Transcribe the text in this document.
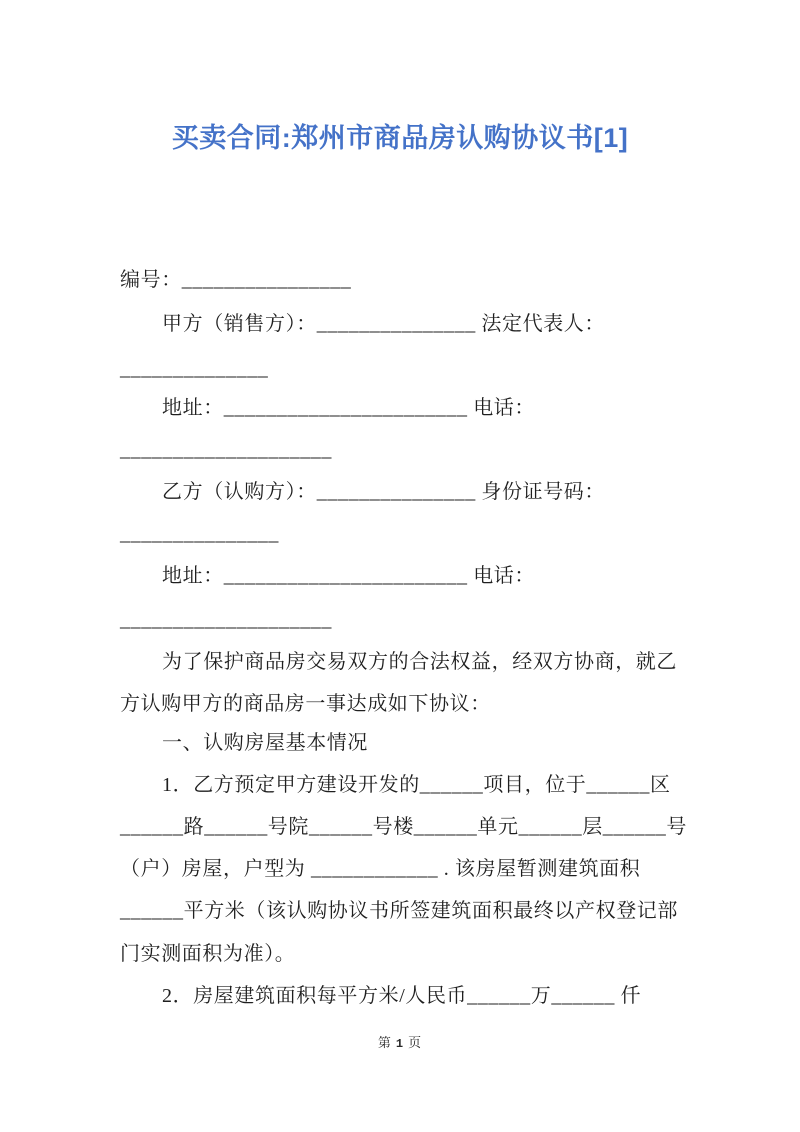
买卖合同:郑州市商品房认购协议书[1]
编号：________________
甲方（销售方）：_______________ 法定代表人：
______________
地址：_______________________ 电话：
____________________
乙方（认购方）：_______________ 身份证号码：
_______________
地址：_______________________ 电话：
____________________
为了保护商品房交易双方的合法权益，经双方协商，就乙
方认购甲方的商品房一事达成如下协议：
一、认购房屋基本情况
1．乙方预定甲方建设开发的______项目，位于______区
______路______号院______号楼______单元______层______号
（户）房屋，户型为 ____________ . 该房屋暂测建筑面积
______平方米（该认购协议书所签建筑面积最终以产权登记部
门实测面积为准）。
2．房屋建筑面积每平方米/人民币______万______ 仟
第 1 页
